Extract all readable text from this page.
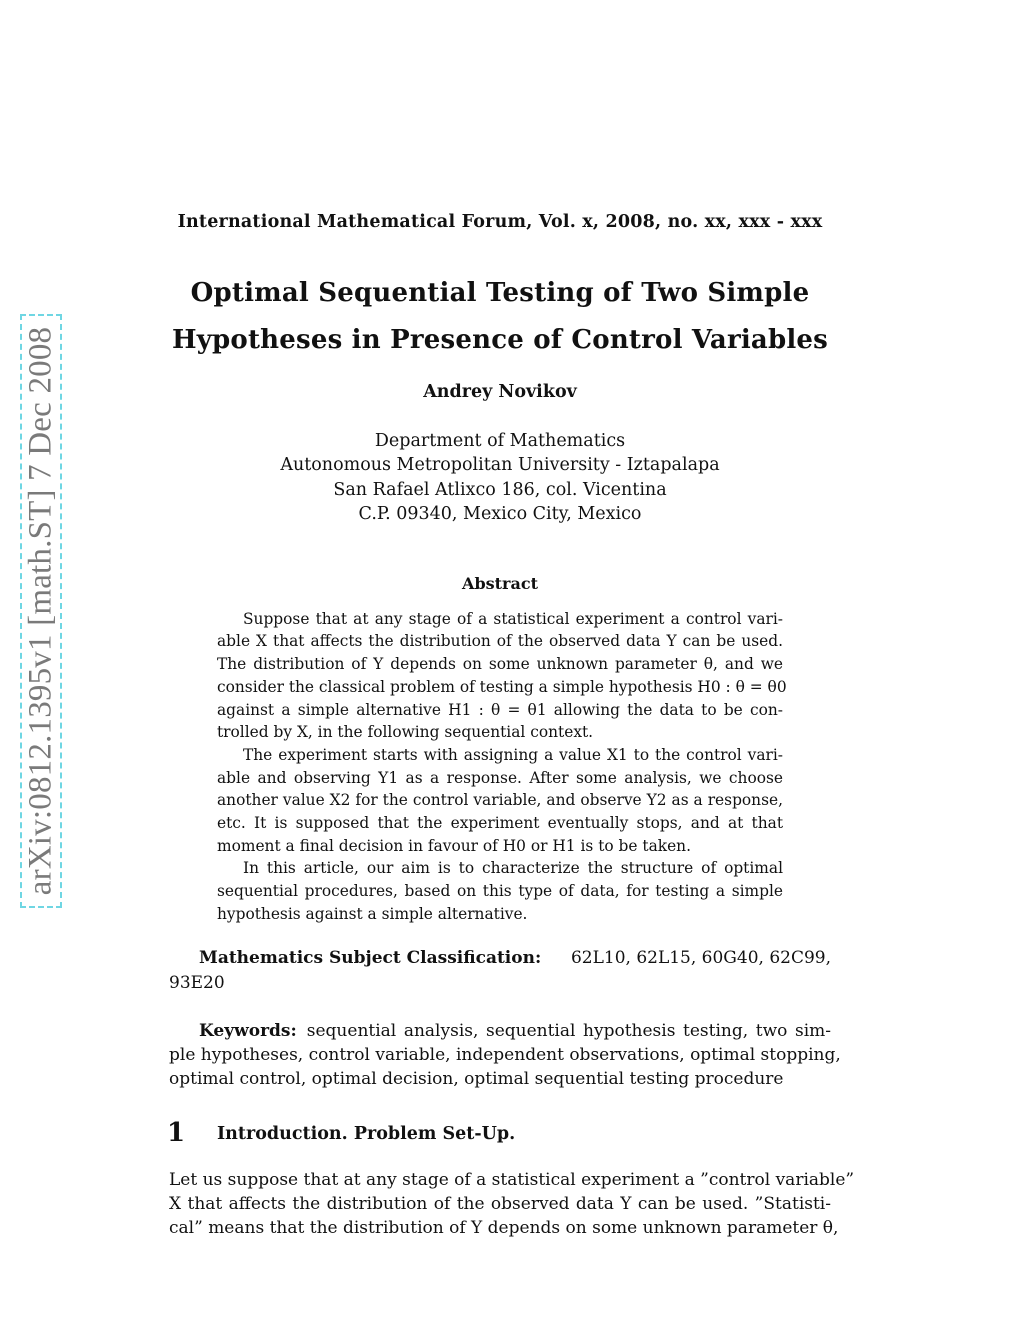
arXiv:0812.1395v1 [math.ST] 7 Dec 2008
International Mathematical Forum, Vol. x, 2008, no. xx, xxx - xxx
Optimal Sequential Testing of Two Simple
Hypotheses in Presence of Control Variables
Andrey Novikov
Department of Mathematics
Autonomous Metropolitan University - Iztapalapa
San Rafael Atlixco 186, col. Vicentina
C.P. 09340, Mexico City, Mexico
Abstract
Suppose that at any stage of a statistical experiment a control vari-
able X that affects the distribution of the observed data Y can be used.
The distribution of Y depends on some unknown parameter θ, and we
consider the classical problem of testing a simple hypothesis H0 : θ = θ0
against a simple alternative H1 : θ = θ1 allowing the data to be con-
trolled by X, in the following sequential context.
The experiment starts with assigning a value X1 to the control vari-
able and observing Y1 as a response. After some analysis, we choose
another value X2 for the control variable, and observe Y2 as a response,
etc. It is supposed that the experiment eventually stops, and at that
moment a final decision in favour of H0 or H1 is to be taken.
In this article, our aim is to characterize the structure of optimal
sequential procedures, based on this type of data, for testing a simple
hypothesis against a simple alternative.
Mathematics Subject Classification: 62L10, 62L15, 60G40, 62C99,
93E20
Keywords: sequential analysis, sequential hypothesis testing, two sim-
ple hypotheses, control variable, independent observations, optimal stopping,
optimal control, optimal decision, optimal sequential testing procedure
1 Introduction. Problem Set-Up.
Let us suppose that at any stage of a statistical experiment a ”control variable”
X that affects the distribution of the observed data Y can be used. ”Statisti-
cal” means that the distribution of Y depends on some unknown parameter θ,
